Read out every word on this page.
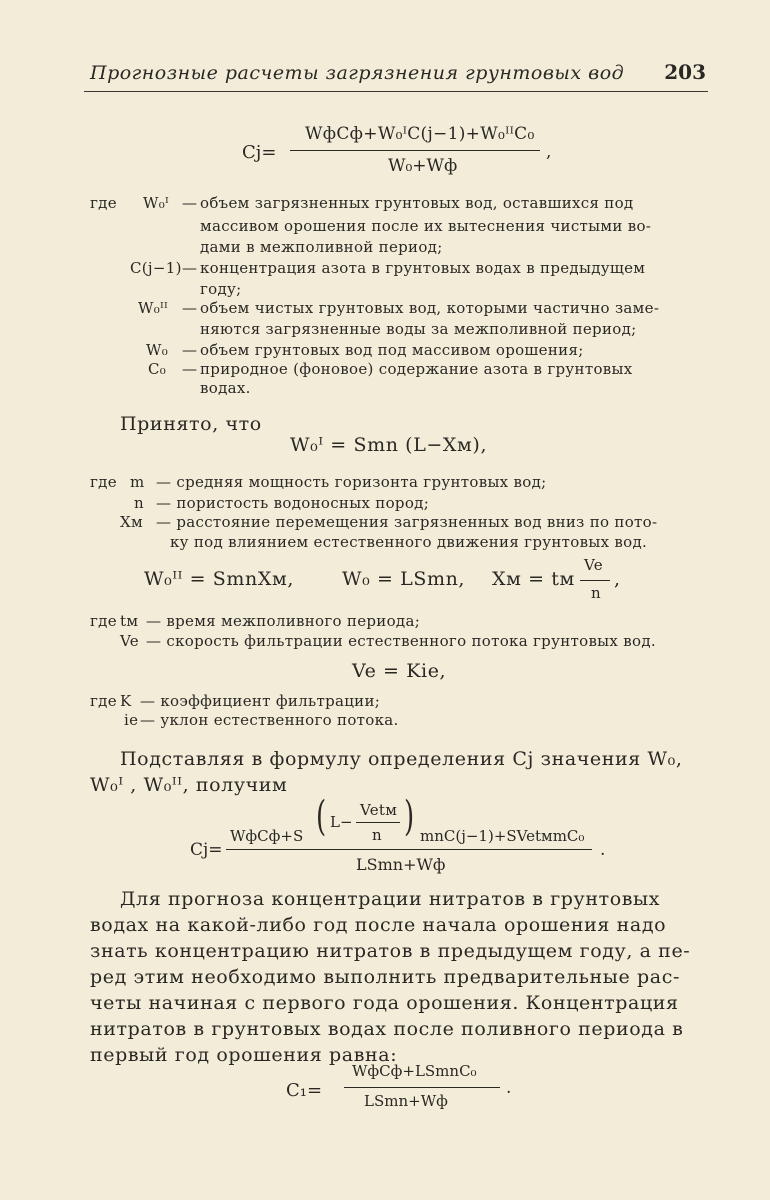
Прогнозные расчеты загрязнения грунтовых вод 203
Cj=
WфCф+W₀ᴵC(j−1)+W₀ᴵᴵC₀
W₀+Wф
,
где W₀ᴵ — объем загрязненных грунтовых вод, оставшихся под
массивом орошения после их вытеснения чистыми во-
дами в межполивной период;
C(j−1) — концентрация азота в грунтовых водах в предыдущем
году;
W₀ᴵᴵ — объем чистых грунтовых вод, которыми частично заме-
няются загрязненные воды за межполивной период;
W₀ — объем грунтовых вод под массивом орошения;
C₀ — природное (фоновое) содержание азота в грунтовых
водах.
Принято, что
W₀ᴵ = Smn (L−Xм),
где m — средняя мощность горизонта грунтовых вод;
n — пористость водоносных пород;
Xм — расстояние перемещения загрязненных вод вниз по пото-
ку под влиянием естественного движения грунтовых вод.
W₀ᴵᴵ = SmnXм,	W₀ = LSmn, Xм = tм
Ve
n
,
где tм — время межполивного периода;
Ve — скорость фильтрации естественного потока грунтовых вод.
Ve = Kie,
где K — коэффициент фильтрации;
ie — уклон естественного потока.
Подставляя в формулу определения Cj значения W₀,
W₀ᴵ , W₀ᴵᴵ, получим
Cj=
WфCф+S ( L−
Vetм
n ) mnC(j−1)+SVetмmC₀
LSmn+Wф
.
Для прогноза концентрации нитратов в грунтовых
водах на какой-либо год после начала орошения надо
знать концентрацию нитратов в предыдущем году, а пе-
ред этим необходимо выполнить предварительные рас-
четы начиная с первого года орошения. Концентрация
нитратов в грунтовых водах после поливного периода в
первый год орошения равна:
C₁=
WфCф+LSmnC₀
LSmn+Wф
.
